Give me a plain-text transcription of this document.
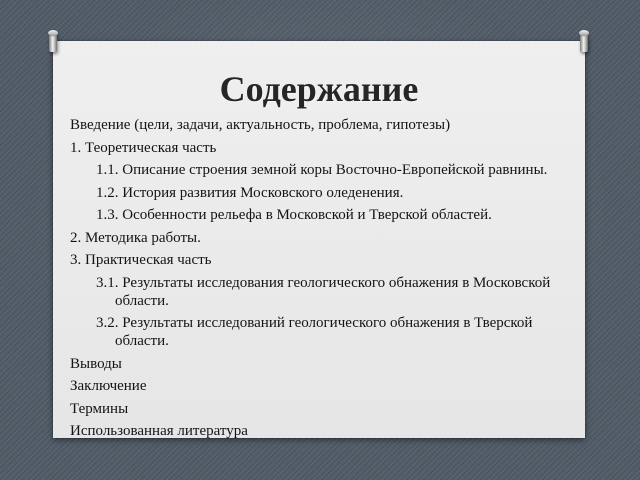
Содержание
Введение (цели, задачи, актуальность, проблема, гипотезы)
1. Теоретическая часть
1.1. Описание строения земной коры Восточно-Европейской равнины.
1.2. История развития Московского оледенения.
1.3. Особенности рельефа в Московской и Тверской областей.
2. Методика работы.
3. Практическая часть
3.1. Результаты исследования геологического обнажения в Московской области.
3.2. Результаты исследований геологического обнажения в Тверской области.
Выводы
Заключение
Термины
Использованная литература
